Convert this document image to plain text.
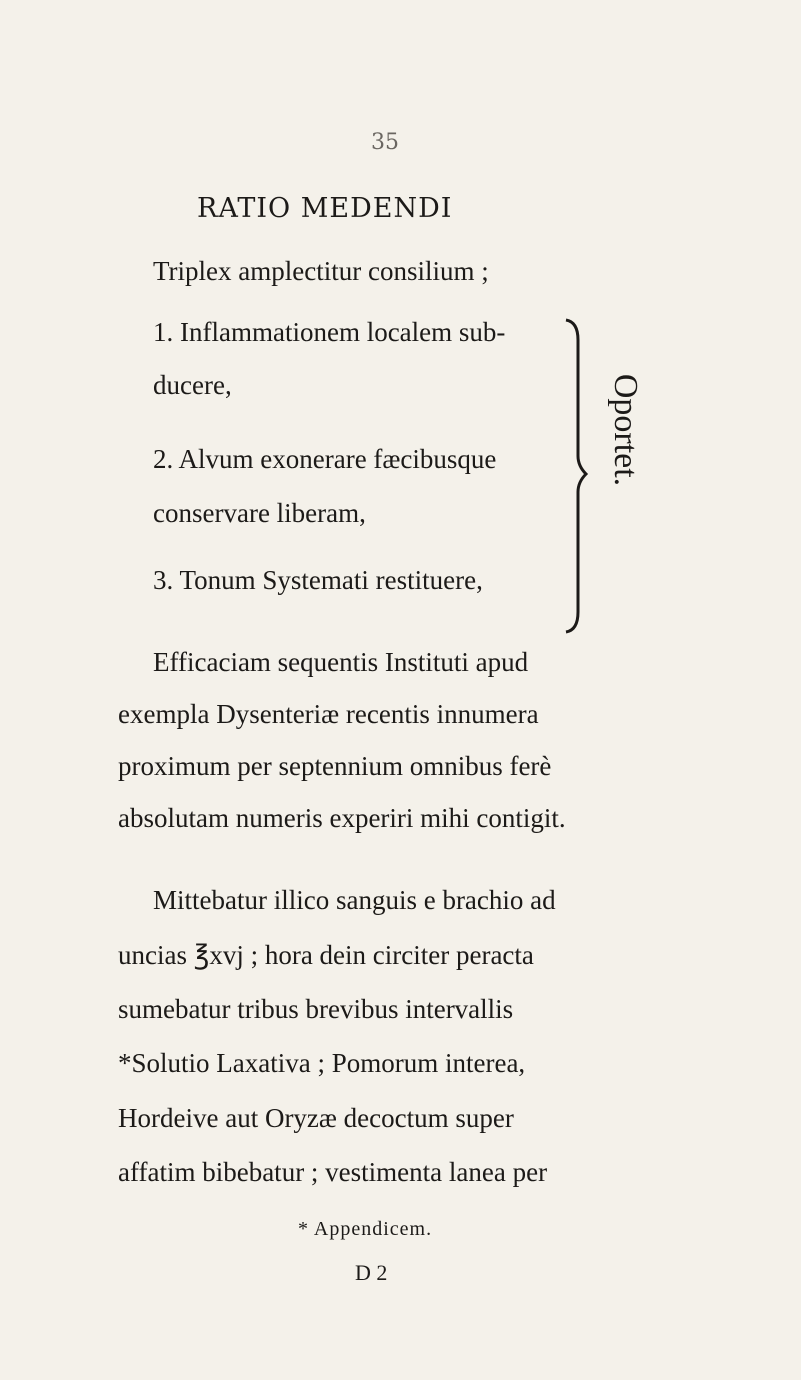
35
RATIO MEDENDI
Triplex amplectitur consilium ;
1. Inflammationem localem sub-
ducere,
2. Alvum exonerare fæcibusque
conservare liberam,
3. Tonum Systemati restituere,
Oportet.
Efficaciam sequentis Instituti apud
exempla Dysenteriæ recentis innumera
proximum per septennium omnibus ferè
absolutam numeris experiri mihi contigit.
Mittebatur illico sanguis e brachio ad
uncias ℥xvj ; hora dein circiter peracta
sumebatur tribus brevibus intervallis
*Solutio Laxativa ; Pomorum interea,
Hordeive aut Oryzæ decoctum super
affatim bibebatur ; vestimenta lanea per
* Appendicem.
D 2
